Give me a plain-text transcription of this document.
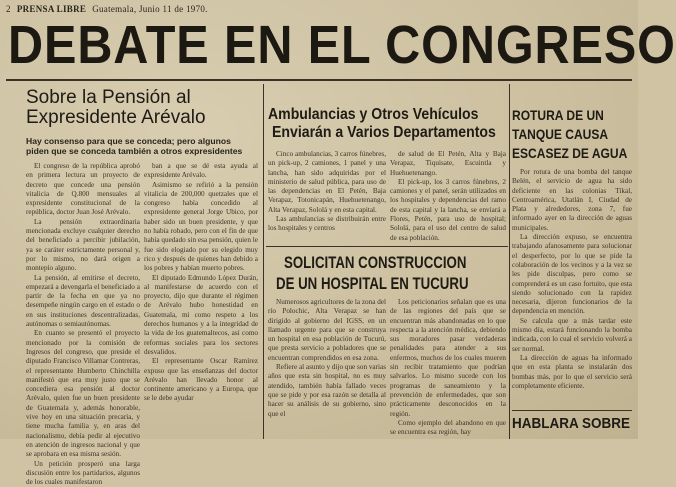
2 PRENSA LIBRE Guatemala, Junio 11 de 1970.
DEBATE EN EL CONGRESO
Sobre la Pensión al
Expresidente Arévalo
Hay consenso para que se conceda; pero algunos piden que se conceda también a otros expresidentes

El congreso de la república aprobó en primera lectura un proyecto de decreto que concede una pensión vitalicia de Q.800 mensuales al expresidente constitucional de la república, doctor Juan José Arévalo.

La pensión extraordinaria mencionada excluye cualquier derecho del beneficiado a percibir jubilación, ya se caráter estrictamente personal y, por lo mismo, no dará origen a montepío alguno.

La pensión, al emitirse el decreto, empezará a devengarla el beneficiado a partir de la fecha en que ya no desempeñe ningún cargo en el estado o en sus instituciones descentralizadas, autónomas o semiautónomas.

En cuanto se presentó el proyecto mencionado por la comisión de Ingresos del congreso, que preside el diputado Francisco Villamar Contreras, el representante Humberto Chinchilla manifestó que era muy justo que se concediera esa pensión al doctor Arévalo, quien fue un buen presidente de Guatemala y, además honorable, vive hoy en una situación precaria, y tiene mucha familia y, en aras del nacionalismo, debía pedir al ejecutivo en atención de ingresos nacional y que se aprobara en esa misma sesión.

Un petición prosperó una larga discusión entre los partidarios, algunos de los cuales manifestaron

ban a que se dé esta ayuda al expresidente Arévalo.

Asimismo se refirió a la pensión vitalicia de 200,000 quetzales que el congreso había concedido al expresidente general Jorge Ubico, por haber sido un buen presidente, y que no había robado, pero con el fin de que había quedado sin esa pensión, quien le fue sido elogiado por su elegido muy rico y después de quienes han debido a los pobres y habían muerto pobres.

El diputado Edmundo López Durán, al manifestarse de acuerdo con el proyecto, dijo que durante el régimen de Arévalo hubo honestidad en Guatemala, mi como respeto a los derechos humanos y a la integridad de la vida de los guatemaltecos, así como reformas sociales para los sectores desvalidos.

El representante Oscar Ramírez expuso que las enseñanzas del doctor Arévalo han llevado honor al continente americano y a Europa, que se le debe ayudar

Ambulancias y Otros Vehículos
Enviarán a Varios Departamentos

Cinco ambulancias, 3 carros fúnebres, un pick-up, 2 camiones, 1 panel y una lancha, han sido adquiridas por el ministerio de salud pública, para uso de las dependencias en El Petén, Baja Verapaz, Totonicapán, Huehuetenango, Alta Verapaz, Sololá y en esta capital.

Las ambulancias se distribuirán entre los hospitales y centros

de salud de El Petén, Alta y Baja Verapaz, Tiquisate, Escuintla y Huehuetenango.

El pick-up, los 3 carros fúnebres, 2 camiones y el panel, serán utilizados en los hospitales y dependencias del ramo de esta capital y la lancha, se enviará a Flores, Petén, para uso de hospital; Sololá, para el uso del centro de salud de esa población.

SOLICITAN CONSTRUCCION
DE UN HOSPITAL EN TUCURU

Numerosos agricultores de la zona del río Polochic, Alta Verapaz se han dirigido al gobierno del IGSS, en un llamado urgente para que se construya un hospital en esa población de Tucurú, que presta servicio a pobladores que se encuentran comprendidos en esa zona.

Refiere al asunto y dijo que son varias años que esta sin hospital, no es muy atendido, también había fallado veces que se pide y por esa razón se detalla al hacer su análisis de su gobierno, sino que el

Los peticionarios señalan que es una de las regiones del país que se encuentran más abandonadas en lo que respecta a la atención médica, debiendo sus moradores pasar verdaderas penalidades para atender a sus enfermos, muchos de los cuales mueren sin recibir tratamiento que podrían salvarlos. Lo mismo sucede con los programas de saneamiento y la prevención de enfermedades, que son prácticamente desconocidos en la región.

Como ejemplo del abandono en que se encuentra esa región, hay

ROTURA DE UN
TANQUE CAUSA
ESCASEZ DE AGUA

Por rotura de una bomba del tanque Belén, el servicio de agua ha sido deficiente en las colonias Tikal, Centroamérica, Utatlán I, Ciudad de Plata y alrededores, zona 7, fue informado ayer en la dirección de aguas municipales.

La dirección expuso, se encuentra trabajando afanosamente para solucionar el desperfecto, por lo que se pide la colaboración de los vecinos y a la vez se les pide disculpas, pero como se comprenderá es un caso fortuito, que esta siendo solucionado con la rapidez necesaria, dijeron funcionarios de la dependencia en mención.

Se calcula que a más tardar este mismo día, estará funcionando la bomba indicada, con lo cual el servicio volverá a ser normal.

La dirección de aguas ha informado que en esta planta se instalarán dos bombas más, por lo que el servicio será completamente eficiente.

HABLARA SOBRE
